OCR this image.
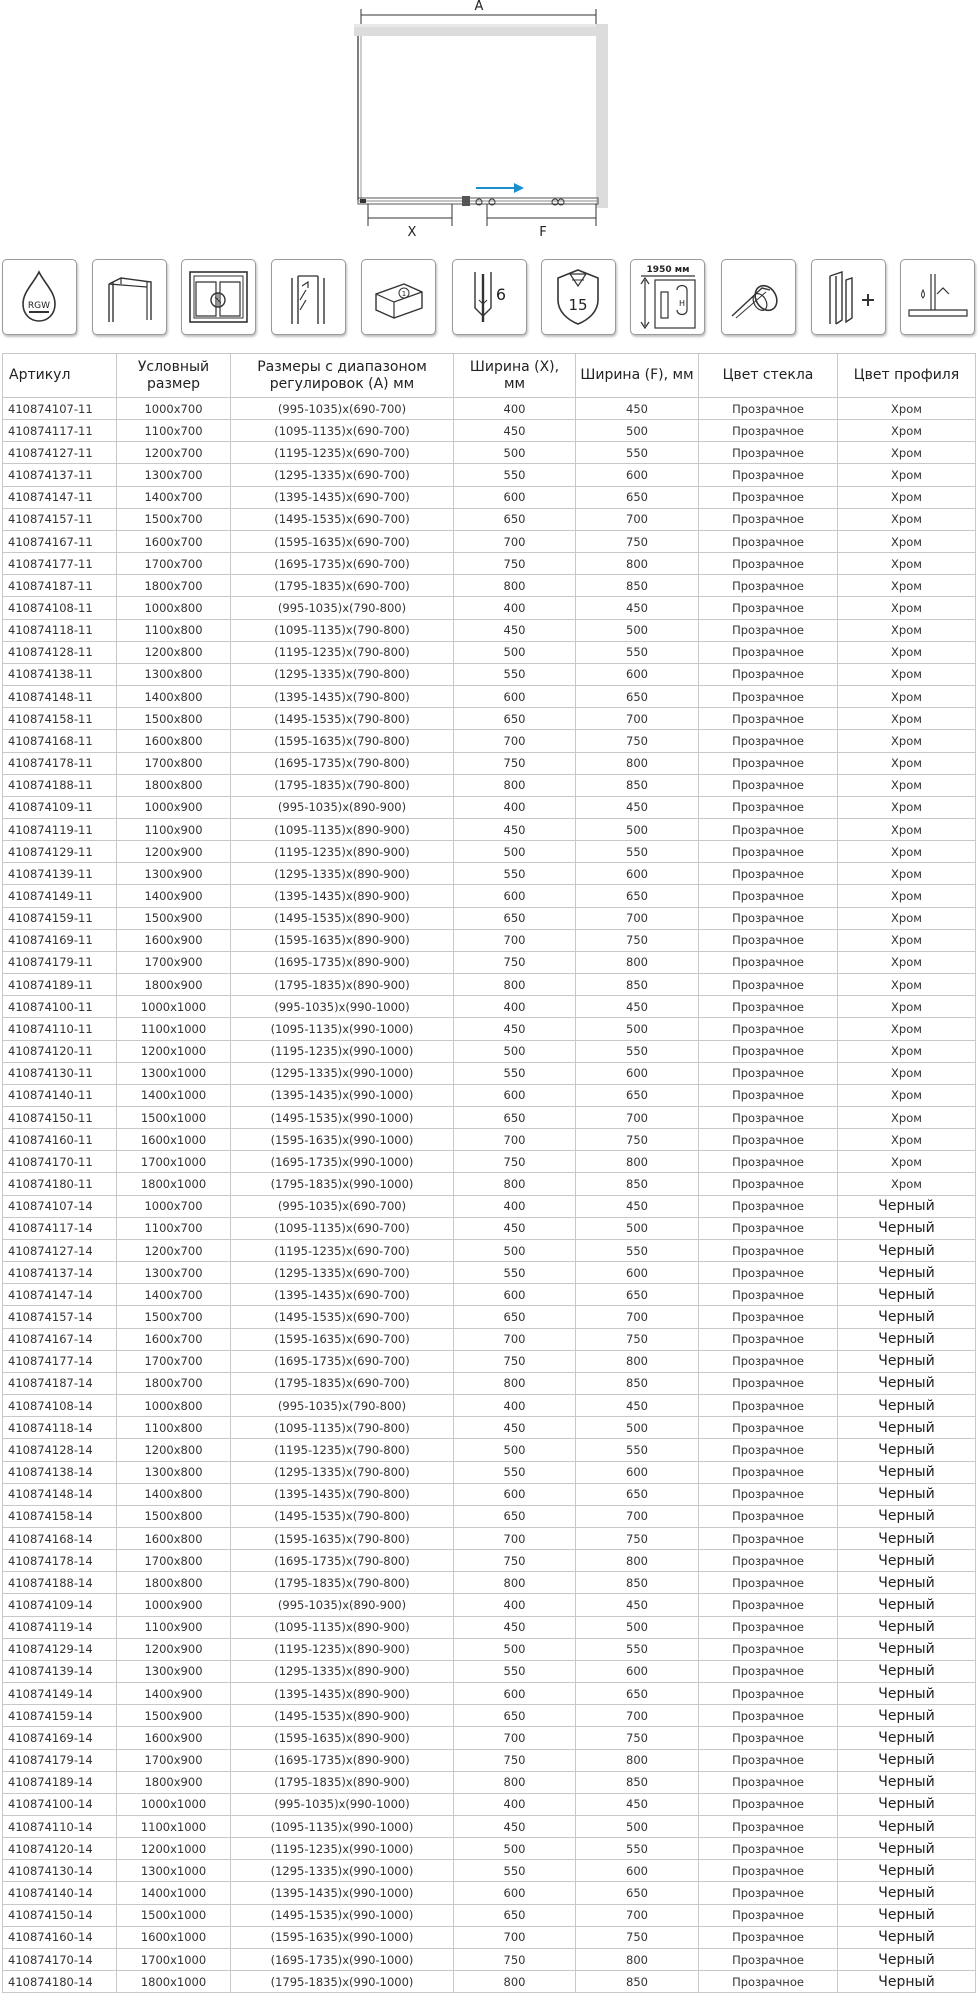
A
X	F
RGW
1	6
15
1950 мм
H
Артикул	Условный размер	Размеры с диапазоном регулировок (A) мм	Ширина (X), мм	Ширина (F), мм	Цвет стекла	Цвет профиля
410874107-11	1000x700	(995-1035)x(690-700)	400	450	Прозрачное	Хром
410874117-11	1100x700	(1095-1135)x(690-700)	450	500	Прозрачное	Хром
410874127-11	1200x700	(1195-1235)x(690-700)	500	550	Прозрачное	Хром
410874137-11	1300x700	(1295-1335)x(690-700)	550	600	Прозрачное	Хром
410874147-11	1400x700	(1395-1435)x(690-700)	600	650	Прозрачное	Хром
410874157-11	1500x700	(1495-1535)x(690-700)	650	700	Прозрачное	Хром
410874167-11	1600x700	(1595-1635)x(690-700)	700	750	Прозрачное	Хром
410874177-11	1700x700	(1695-1735)x(690-700)	750	800	Прозрачное	Хром
410874187-11	1800x700	(1795-1835)x(690-700)	800	850	Прозрачное	Хром
410874108-11	1000x800	(995-1035)x(790-800)	400	450	Прозрачное	Хром
410874118-11	1100x800	(1095-1135)x(790-800)	450	500	Прозрачное	Хром
410874128-11	1200x800	(1195-1235)x(790-800)	500	550	Прозрачное	Хром
410874138-11	1300x800	(1295-1335)x(790-800)	550	600	Прозрачное	Хром
410874148-11	1400x800	(1395-1435)x(790-800)	600	650	Прозрачное	Хром
410874158-11	1500x800	(1495-1535)x(790-800)	650	700	Прозрачное	Хром
410874168-11	1600x800	(1595-1635)x(790-800)	700	750	Прозрачное	Хром
410874178-11	1700x800	(1695-1735)x(790-800)	750	800	Прозрачное	Хром
410874188-11	1800x800	(1795-1835)x(790-800)	800	850	Прозрачное	Хром
410874109-11	1000x900	(995-1035)x(890-900)	400	450	Прозрачное	Хром
410874119-11	1100x900	(1095-1135)x(890-900)	450	500	Прозрачное	Хром
410874129-11	1200x900	(1195-1235)x(890-900)	500	550	Прозрачное	Хром
410874139-11	1300x900	(1295-1335)x(890-900)	550	600	Прозрачное	Хром
410874149-11	1400x900	(1395-1435)x(890-900)	600	650	Прозрачное	Хром
410874159-11	1500x900	(1495-1535)x(890-900)	650	700	Прозрачное	Хром
410874169-11	1600x900	(1595-1635)x(890-900)	700	750	Прозрачное	Хром
410874179-11	1700x900	(1695-1735)x(890-900)	750	800	Прозрачное	Хром
410874189-11	1800x900	(1795-1835)x(890-900)	800	850	Прозрачное	Хром
410874100-11	1000x1000	(995-1035)x(990-1000)	400	450	Прозрачное	Хром
410874110-11	1100x1000	(1095-1135)x(990-1000)	450	500	Прозрачное	Хром
410874120-11	1200x1000	(1195-1235)x(990-1000)	500	550	Прозрачное	Хром
410874130-11	1300x1000	(1295-1335)x(990-1000)	550	600	Прозрачное	Хром
410874140-11	1400x1000	(1395-1435)x(990-1000)	600	650	Прозрачное	Хром
410874150-11	1500x1000	(1495-1535)x(990-1000)	650	700	Прозрачное	Хром
410874160-11	1600x1000	(1595-1635)x(990-1000)	700	750	Прозрачное	Хром
410874170-11	1700x1000	(1695-1735)x(990-1000)	750	800	Прозрачное	Хром
410874180-11	1800x1000	(1795-1835)x(990-1000)	800	850	Прозрачное	Хром
410874107-14	1000x700	(995-1035)x(690-700)	400	450	Прозрачное	Черный
410874117-14	1100x700	(1095-1135)x(690-700)	450	500	Прозрачное	Черный
410874127-14	1200x700	(1195-1235)x(690-700)	500	550	Прозрачное	Черный
410874137-14	1300x700	(1295-1335)x(690-700)	550	600	Прозрачное	Черный
410874147-14	1400x700	(1395-1435)x(690-700)	600	650	Прозрачное	Черный
410874157-14	1500x700	(1495-1535)x(690-700)	650	700	Прозрачное	Черный
410874167-14	1600x700	(1595-1635)x(690-700)	700	750	Прозрачное	Черный
410874177-14	1700x700	(1695-1735)x(690-700)	750	800	Прозрачное	Черный
410874187-14	1800x700	(1795-1835)x(690-700)	800	850	Прозрачное	Черный
410874108-14	1000x800	(995-1035)x(790-800)	400	450	Прозрачное	Черный
410874118-14	1100x800	(1095-1135)x(790-800)	450	500	Прозрачное	Черный
410874128-14	1200x800	(1195-1235)x(790-800)	500	550	Прозрачное	Черный
410874138-14	1300x800	(1295-1335)x(790-800)	550	600	Прозрачное	Черный
410874148-14	1400x800	(1395-1435)x(790-800)	600	650	Прозрачное	Черный
410874158-14	1500x800	(1495-1535)x(790-800)	650	700	Прозрачное	Черный
410874168-14	1600x800	(1595-1635)x(790-800)	700	750	Прозрачное	Черный
410874178-14	1700x800	(1695-1735)x(790-800)	750	800	Прозрачное	Черный
410874188-14	1800x800	(1795-1835)x(790-800)	800	850	Прозрачное	Черный
410874109-14	1000x900	(995-1035)x(890-900)	400	450	Прозрачное	Черный
410874119-14	1100x900	(1095-1135)x(890-900)	450	500	Прозрачное	Черный
410874129-14	1200x900	(1195-1235)x(890-900)	500	550	Прозрачное	Черный
410874139-14	1300x900	(1295-1335)x(890-900)	550	600	Прозрачное	Черный
410874149-14	1400x900	(1395-1435)x(890-900)	600	650	Прозрачное	Черный
410874159-14	1500x900	(1495-1535)x(890-900)	650	700	Прозрачное	Черный
410874169-14	1600x900	(1595-1635)x(890-900)	700	750	Прозрачное	Черный
410874179-14	1700x900	(1695-1735)x(890-900)	750	800	Прозрачное	Черный
410874189-14	1800x900	(1795-1835)x(890-900)	800	850	Прозрачное	Черный
410874100-14	1000x1000	(995-1035)x(990-1000)	400	450	Прозрачное	Черный
410874110-14	1100x1000	(1095-1135)x(990-1000)	450	500	Прозрачное	Черный
410874120-14	1200x1000	(1195-1235)x(990-1000)	500	550	Прозрачное	Черный
410874130-14	1300x1000	(1295-1335)x(990-1000)	550	600	Прозрачное	Черный
410874140-14	1400x1000	(1395-1435)x(990-1000)	600	650	Прозрачное	Черный
410874150-14	1500x1000	(1495-1535)x(990-1000)	650	700	Прозрачное	Черный
410874160-14	1600x1000	(1595-1635)x(990-1000)	700	750	Прозрачное	Черный
410874170-14	1700x1000	(1695-1735)x(990-1000)	750	800	Прозрачное	Черный
410874180-14	1800x1000	(1795-1835)x(990-1000)	800	850	Прозрачное	Черный
